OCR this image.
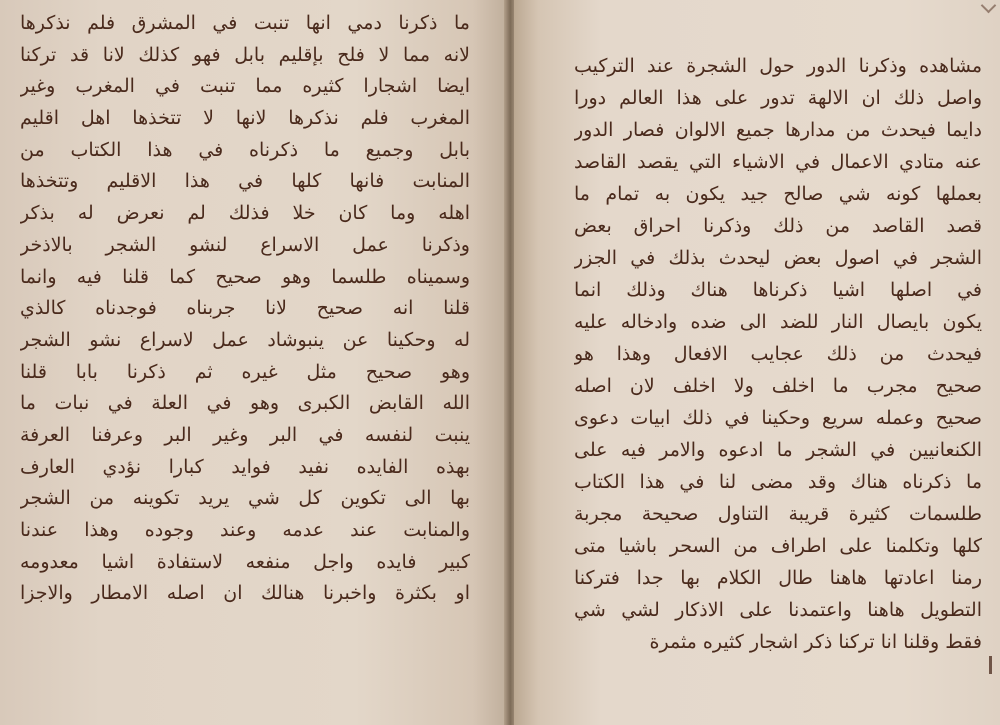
ما ذكرنا دمي انها تنبت في المشرق فلم نذكرها
لانه مما لا فلح بإقليم بابل فهو كذلك لانا قد تركنا
ايضا اشجارا كثيره مما تنبت في المغرب وغير
المغرب فلم نذكرها لانها لا تتخذها اهل اقليم
بابل وجميع ما ذكرناه في هذا الكتاب من
المنابت فانها كلها في هذا الاقليم وتتخذها
اهله وما كان خلا فذلك لم نعرض له بذكر
وذكرنا عمل الاسراع لنشو الشجر بالاذخر
وسميناه طلسما وهو صحيح كما قلنا فيه وانما
قلنا انه صحيح لانا جربناه فوجدناه كالذي
له وحكينا عن ينبوشاد عمل لاسراع نشو الشجر
وهو صحيح مثل غيره ثم ذكرنا بابا قلنا
الله القابض الكبرى وهو في العلة في نبات ما
ينبت لنفسه في البر وغير البر وعرفنا العرفة
بهذه الفايده نفيد فوايد كبارا نؤدي العارف
بها الى تكوين كل شي يريد تكوينه من الشجر
والمنابت عند عدمه وعند وجوده وهذا عندنا
كبير فايده واجل منفعه لاستفادة اشيا معدومه
او بكثرة واخبرنا هنالك ان اصله الامطار والاجزا
مشاهده وذكرنا الدور حول الشجرة عند التركيب
واصل ذلك ان الالهة تدور على هذا العالم دورا
دايما فيحدث من مدارها جميع الالوان فصار الدور
عنه متادي الاعمال في الاشياء التي يقصد القاصد
بعملها كونه شي صالح جيد يكون به تمام ما
قصد القاصد من ذلك وذكرنا احراق بعض
الشجر في اصول بعض ليحدث بذلك في الجزر
في اصلها اشيا ذكرناها هناك وذلك انما
يكون بايصال النار للضد الى ضده وادخاله عليه
فيحدث من ذلك عجايب الافعال وهذا هو
صحيح مجرب ما اخلف ولا اخلف لان اصله
صحيح وعمله سريع وحكينا في ذلك ابيات دعوى
الكنعانيين في الشجر ما ادعوه والامر فيه على
ما ذكرناه هناك وقد مضى لنا في هذا الكتاب
طلسمات كثيرة قريبة التناول صحيحة مجربة
كلها وتكلمنا على اطراف من السحر باشيا متى
رمنا اعادتها هاهنا طال الكلام بها جدا فتركنا
التطويل هاهنا واعتمدنا على الاذكار لشي شي
فقط وقلنا انا تركنا ذكر اشجار كثيره مثمرة
